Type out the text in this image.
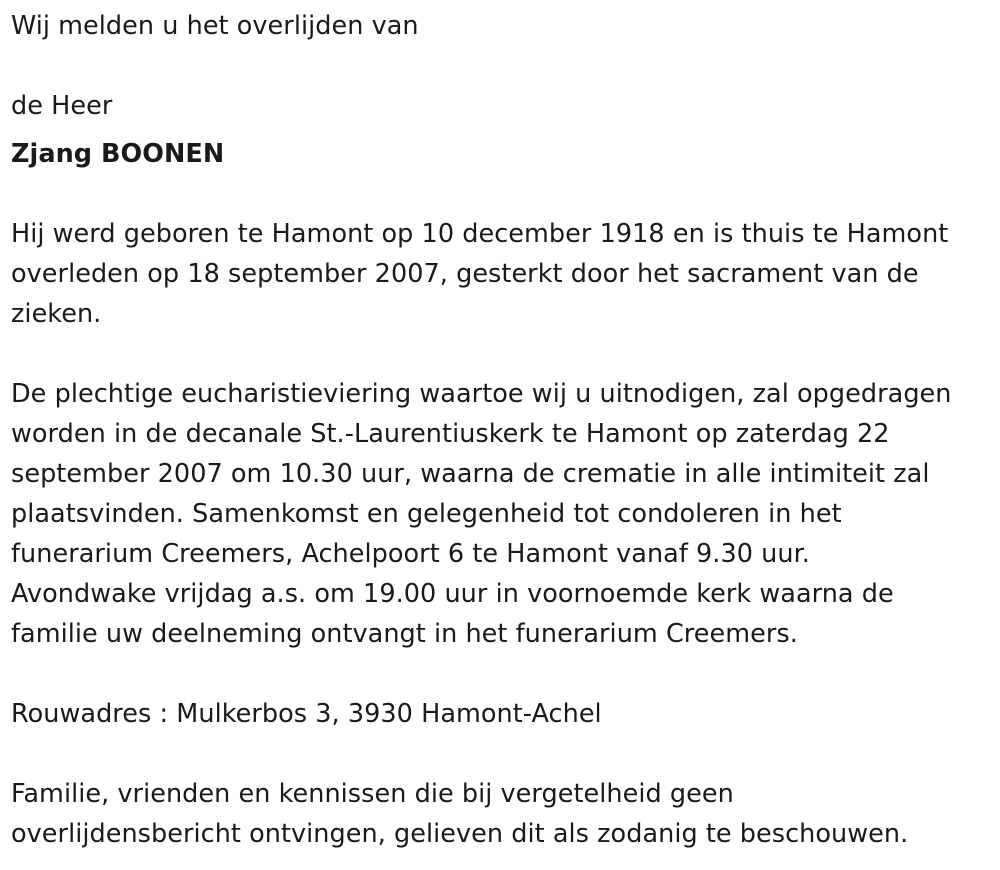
Wij melden u het overlijden van
de Heer
Zjang BOONEN
Hij werd geboren te Hamont op 10 december 1918 en is thuis te Hamont
overleden op 18 september 2007, gesterkt door het sacrament van de
zieken.
De plechtige eucharistieviering waartoe wij u uitnodigen, zal opgedragen
worden in de decanale St.-Laurentiuskerk te Hamont op zaterdag 22
september 2007 om 10.30 uur, waarna de crematie in alle intimiteit zal
plaatsvinden. Samenkomst en gelegenheid tot condoleren in het
funerarium Creemers, Achelpoort 6 te Hamont vanaf 9.30 uur.
Avondwake vrijdag a.s. om 19.00 uur in voornoemde kerk waarna de
familie uw deelneming ontvangt in het funerarium Creemers.
Rouwadres : Mulkerbos 3, 3930 Hamont-Achel
Familie, vrienden en kennissen die bij vergetelheid geen
overlijdensbericht ontvingen, gelieven dit als zodanig te beschouwen.
